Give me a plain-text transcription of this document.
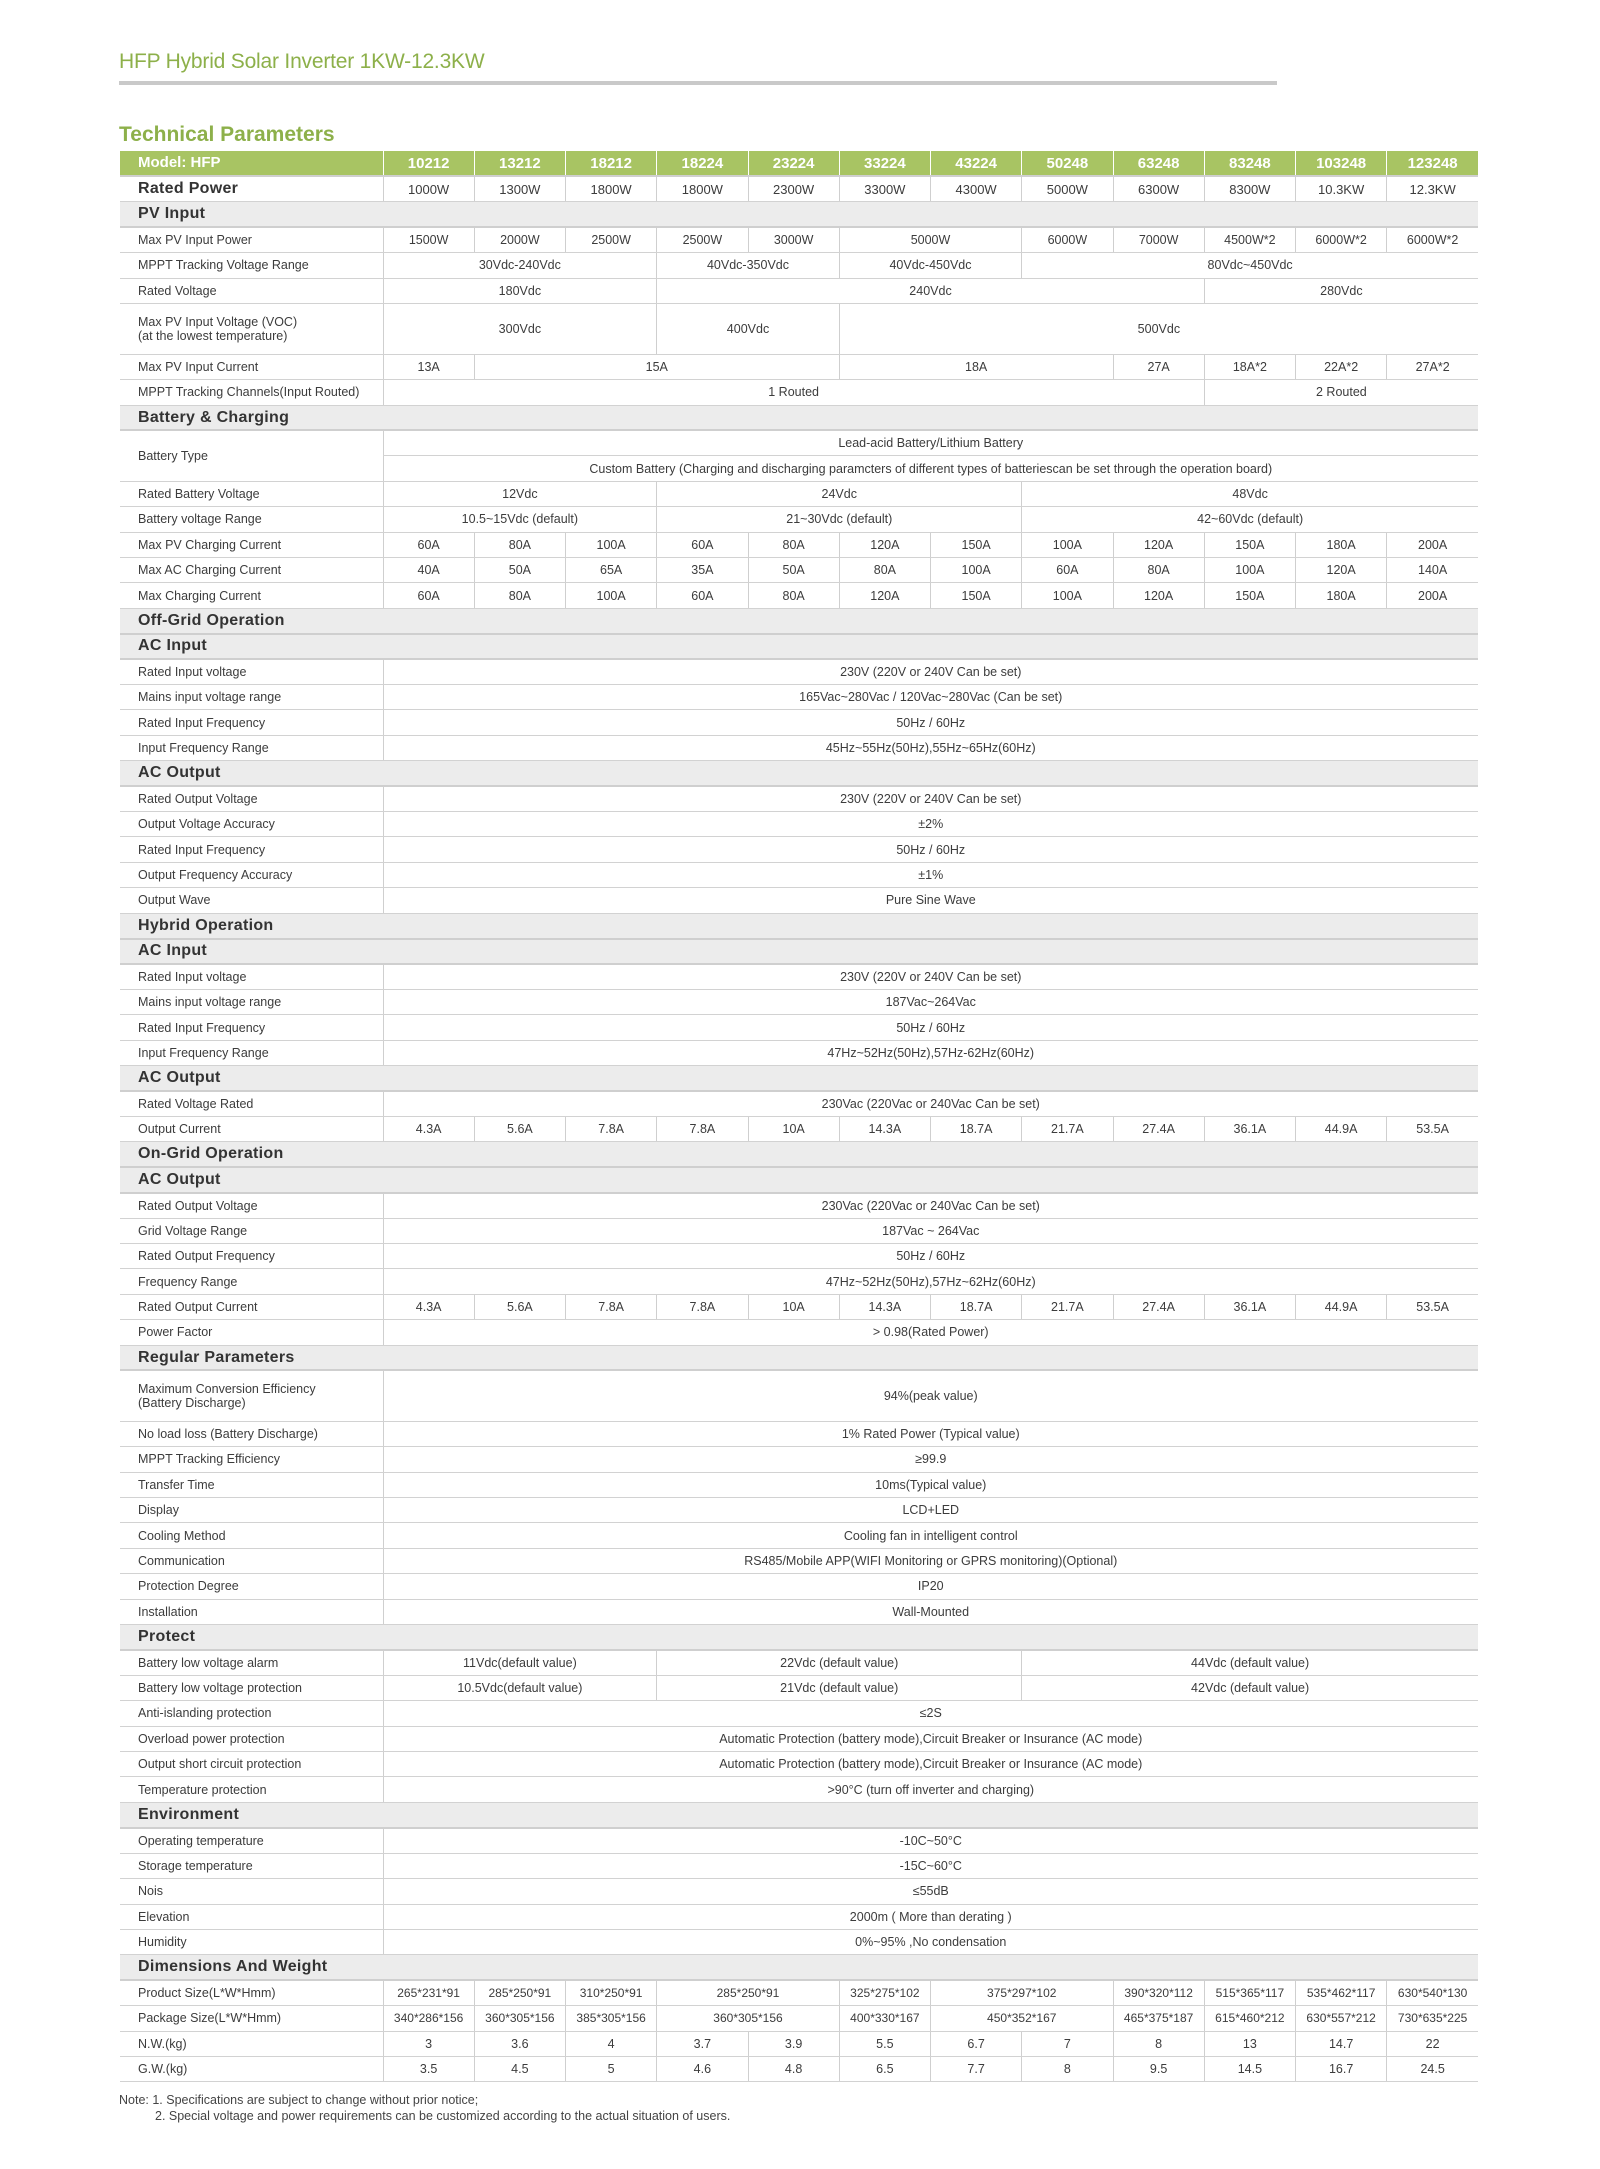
HFP Hybrid Solar Inverter 1KW-12.3KW
Technical Parameters
Model: HFP	10212	13212	18212	18224	23224	33224	43224	50248	63248	83248	103248	123248
Rated Power	1000W	1300W	1800W	1800W	2300W	3300W	4300W	5000W	6300W	8300W	10.3KW	12.3KW
PV Input												
Max PV Input Power	1500W	2000W	2500W	2500W	3000W	5000W		6000W	7000W	4500W*2	6000W*2	6000W*2
MPPT Tracking Voltage Range	30Vdc-240Vdc			40Vdc-350Vdc		40Vdc-450Vdc		80Vdc~450Vdc				
Rated Voltage	180Vdc			240Vdc						280Vdc		

Max PV Input Voltage (VOC)
(at the lowest temperature)	300Vdc			400Vdc		500Vdc						
Max PV Input Current	13A	15A				18A			27A	18A*2	22A*2	27A*2
MPPT Tracking Channels(Input Routed)	1 Routed									2 Routed		
Battery & Charging												
Battery Type	Lead-acid Battery/Lithium Battery											
	Custom Battery (Charging and discharging paramcters of different types of batteriescan be set through the operation board)											
Rated Battery Voltage	12Vdc			24Vdc				48Vdc				
Battery voltage Range	10.5~15Vdc (default)			21~30Vdc (default)				42~60Vdc (default)				
Max PV Charging Current	60A	80A	100A	60A	80A	120A	150A	100A	120A	150A	180A	200A
Max AC Charging Current	40A	50A	65A	35A	50A	80A	100A	60A	80A	100A	120A	140A
Max Charging Current	60A	80A	100A	60A	80A	120A	150A	100A	120A	150A	180A	200A
Off-Grid Operation												
AC Input												
Rated Input voltage	230V (220V or 240V Can be set)											
Mains input voltage range	165Vac~280Vac / 120Vac~280Vac (Can be set)											
Rated Input Frequency	50Hz / 60Hz											
Input Frequency Range	45Hz~55Hz(50Hz),55Hz~65Hz(60Hz)											
AC Output												
Rated Output Voltage	230V (220V or 240V Can be set)											
Output Voltage Accuracy	±2%											
Rated Input Frequency	50Hz / 60Hz											
Output Frequency Accuracy	±1%											
Output Wave	Pure Sine Wave											
Hybrid Operation												
AC Input												
Rated Input voltage	230V (220V or 240V Can be set)											
Mains input voltage range	187Vac~264Vac											
Rated Input Frequency	50Hz / 60Hz											
Input Frequency Range	47Hz~52Hz(50Hz),57Hz-62Hz(60Hz)											
AC Output												
Rated Voltage Rated	230Vac (220Vac or 240Vac Can be set)											
Output Current	4.3A	5.6A	7.8A	7.8A	10A	14.3A	18.7A	21.7A	27.4A	36.1A	44.9A	53.5A
On-Grid Operation												
AC Output												
Rated Output Voltage	230Vac (220Vac or 240Vac Can be set)											
Grid Voltage Range	187Vac ~ 264Vac											
Rated Output Frequency	50Hz / 60Hz											
Frequency Range	47Hz~52Hz(50Hz),57Hz~62Hz(60Hz)											
Rated Output Current	4.3A	5.6A	7.8A	7.8A	10A	14.3A	18.7A	21.7A	27.4A	36.1A	44.9A	53.5A
Power Factor	> 0.98(Rated Power)											
Regular Parameters												

Maximum Conversion Efficiency
(Battery Discharge)	94%(peak value)											
No load loss (Battery Discharge)	1% Rated Power (Typical value)											
MPPT Tracking Efficiency	≥99.9											
Transfer Time	10ms(Typical value)											
Display	LCD+LED											
Cooling Method	Cooling fan in intelligent control											
Communication	RS485/Mobile APP(WIFI Monitoring or GPRS monitoring)(Optional)											
Protection Degree	IP20											
Installation	Wall-Mounted											
Protect												
Battery low voltage alarm	11Vdc(default value)			22Vdc (default value)				44Vdc (default value)				
Battery low voltage protection	10.5Vdc(default value)			21Vdc (default value)				42Vdc (default value)				
Anti-islanding protection	≤2S											
Overload power protection	Automatic Protection (battery mode),Circuit Breaker or Insurance (AC mode)											
Output short circuit protection	Automatic Protection (battery mode),Circuit Breaker or Insurance (AC mode)											
Temperature protection	>90°C (turn off inverter and charging)											
Environment												
Operating temperature	-10C~50°C											
Storage temperature	-15C~60°C											
Nois	≤55dB											
Elevation	2000m ( More than derating )											
Humidity	0%~95% ,No condensation											
Dimensions And Weight												
Product Size(L*W*Hmm)	265*231*91	285*250*91	310*250*91	285*250*91		325*275*102	375*297*102		390*320*112	515*365*117	535*462*117	630*540*130
Package Size(L*W*Hmm)	340*286*156	360*305*156	385*305*156	360*305*156		400*330*167	450*352*167		465*375*187	615*460*212	630*557*212	730*635*225
N.W.(kg)	3	3.6	4	3.7	3.9	5.5	6.7	7	8	13	14.7	22
G.W.(kg)	3.5	4.5	5	4.6	4.8	6.5	7.7	8	9.5	14.5	16.7	24.5
Note: 1. Specifications are subject to change without prior notice;
2. Special voltage and power requirements can be customized according to the actual situation of users.
